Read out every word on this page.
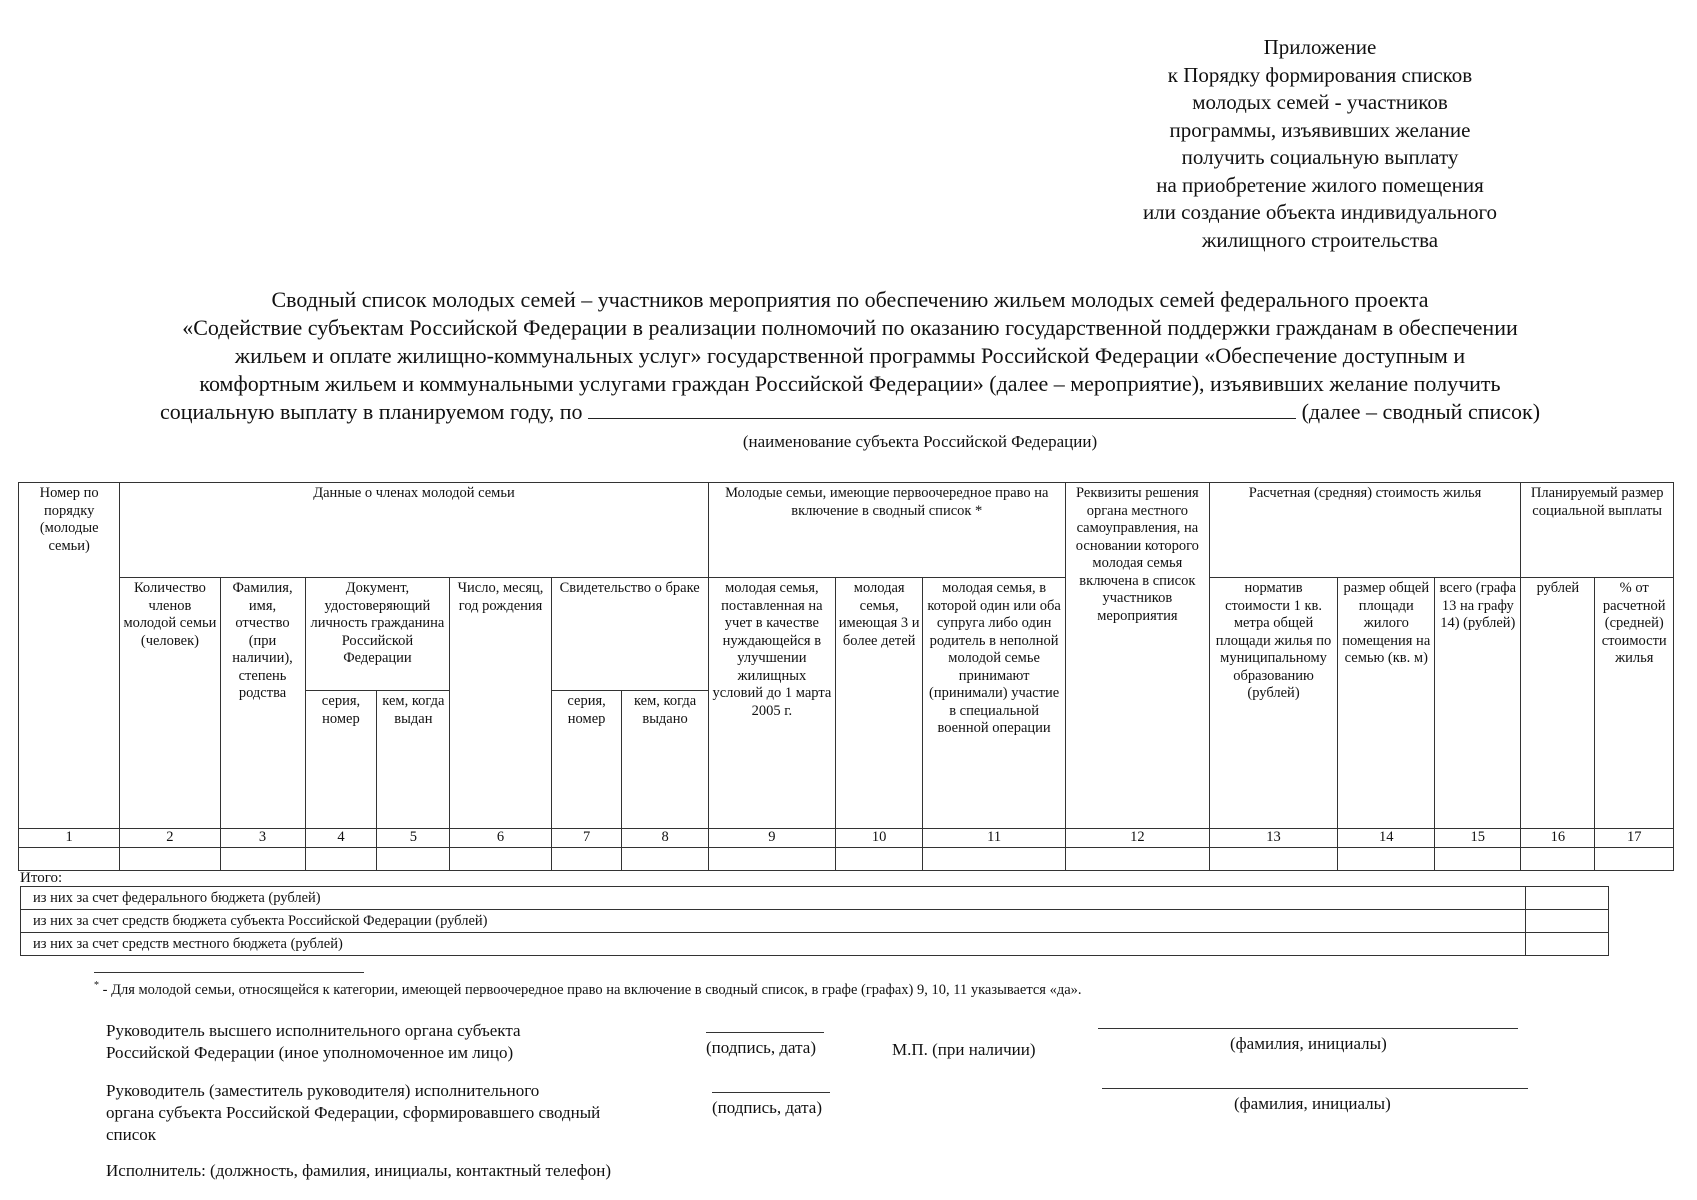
Приложение
к Порядку формирования списков
молодых семей - участников
программы, изъявивших желание
получить социальную выплату
на приобретение жилого помещения
или создание объекта индивидуального
жилищного строительства
Сводный список молодых семей – участников мероприятия по обеспечению жильем молодых семей федерального проекта
«Содействие субъектам Российской Федерации в реализации полномочий по оказанию государственной поддержки гражданам в обеспечении
жильем и оплате жилищно-коммунальных услуг» государственной программы Российской Федерации «Обеспечение доступным и
комфортным жильем и коммунальными услугами граждан Российской Федерации» (далее – мероприятие), изъявивших желание получить
социальную выплату в планируемом году, по	(далее – сводный список)
(наименование субъекта Российской Федерации)
Номер по порядку (молодые семьи)	Данные о членах молодой семьи							Молодые семьи, имеющие первоочередное право на включение в сводный список *			Реквизиты решения органа местного самоуправления, на основании которого молодая семья включена в список участников мероприятия	Расчетная (средняя) стоимость жилья			Планируемый размер социальной выплаты	
	Количество членов молодой семьи (человек)	Фамилия, имя, отчество (при наличии), степень родства	Документ, удостоверяющий личность гражданина Российской Федерации		Число, месяц, год рождения	Свидетельство о браке		молодая семья, поставленная на учет в качестве нуждающейся в улучшении жилищных условий до 1 марта 2005 г.	молодая семья, имеющая 3 и более детей	молодая семья, в которой один или оба супруга либо один родитель в неполной молодой семье принимают (принимали) участие в специальной военной операции		норматив стоимости 1 кв. метра общей площади жилья по муниципальному образованию (рублей)	размер общей площади жилого помещения на семью (кв. м)	всего (графа 13 на графу 14) (рублей)	рублей	% от расчетной (средней) стоимости жилья
			серия, номер	кем, когда выдан		серия, номер	кем, когда выдано									
1	2	3	4	5	6	7	8	9	10	11	12	13	14	15	16	17

Итого:
из них за счет федерального бюджета (рублей)	
из них за счет средств бюджета субъекта Российской Федерации (рублей)	
из них за счет средств местного бюджета (рублей)	
* - Для молодой семьи, относящейся к категории, имеющей первоочередное право на включение в сводный список, в графе (графах) 9, 10, 11 указывается «да».
Руководитель высшего исполнительного органа субъекта
Российской Федерации (иное уполномоченное им лицо)	(подпись, дата)	М.П. (при наличии)	(фамилия, инициалы)
Руководитель (заместитель руководителя) исполнительного
органа субъекта Российской Федерации, сформировавшего сводный
список
(подпись, дата)	(фамилия, инициалы)
Исполнитель: (должность, фамилия, инициалы, контактный телефон)
